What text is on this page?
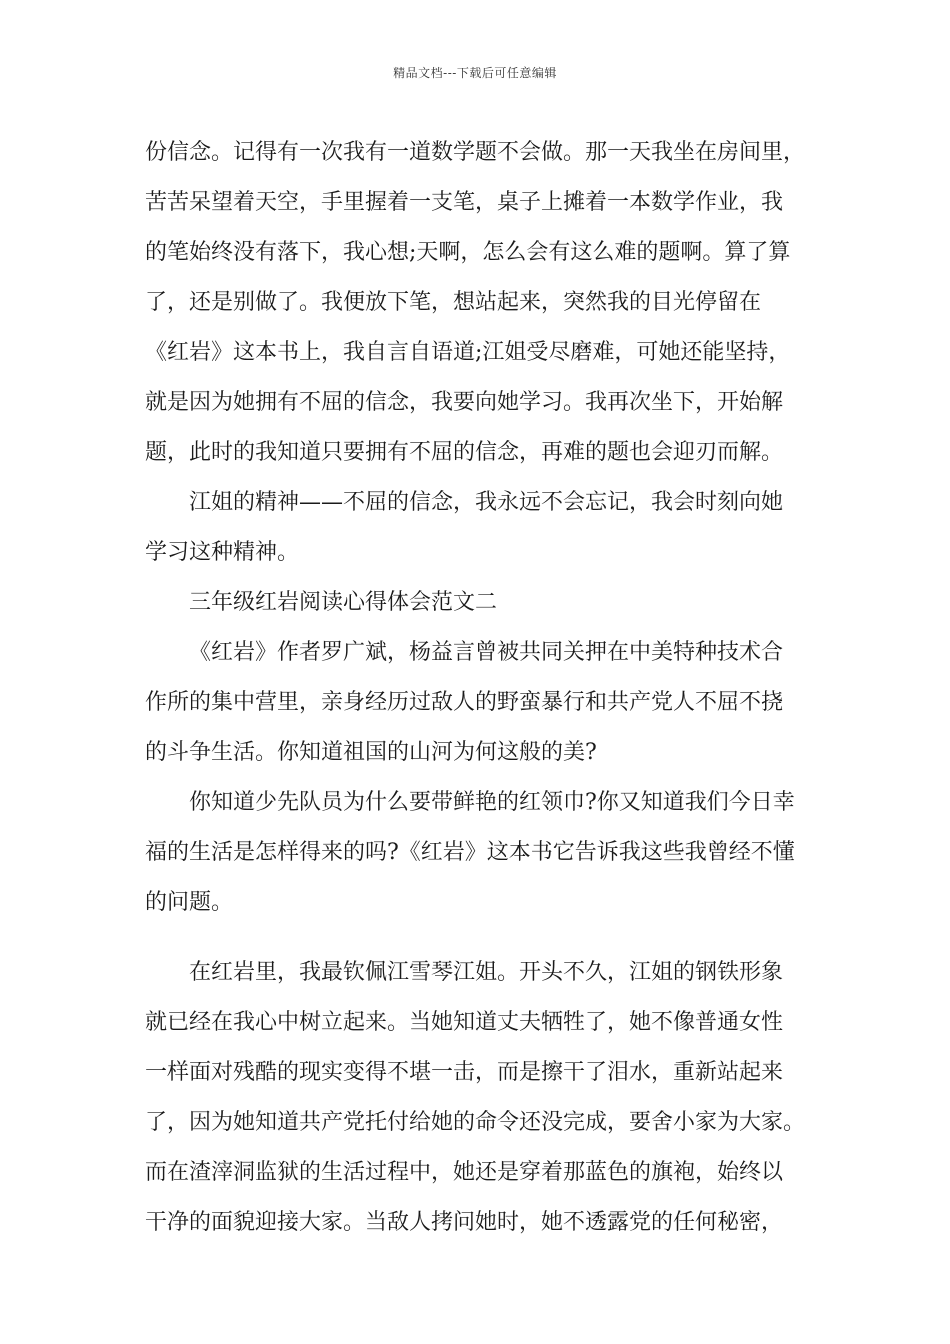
精品文档---下载后可任意编辑
份信念。记得有一次我有一道数学题不会做。那一天我坐在房间里，
苦苦呆望着天空，手里握着一支笔，桌子上摊着一本数学作业，我
的笔始终没有落下，我心想;天啊，怎么会有这么难的题啊。算了算
了，还是别做了。我便放下笔，想站起来，突然我的目光停留在
《红岩》这本书上，我自言自语道;江姐受尽磨难，可她还能坚持，
就是因为她拥有不屈的信念，我要向她学习。我再次坐下，开始解
题，此时的我知道只要拥有不屈的信念，再难的题也会迎刃而解。
江姐的精神——不屈的信念，我永远不会忘记，我会时刻向她
学习这种精神。
三年级红岩阅读心得体会范文二
《红岩》作者罗广斌，杨益言曾被共同关押在中美特种技术合
作所的集中营里，亲身经历过敌人的野蛮暴行和共产党人不屈不挠
的斗争生活。你知道祖国的山河为何这般的美?
你知道少先队员为什么要带鲜艳的红领巾?你又知道我们今日幸
福的生活是怎样得来的吗?《红岩》这本书它告诉我这些我曾经不懂
的问题。
在红岩里，我最钦佩江雪琴江姐。开头不久，江姐的钢铁形象
就已经在我心中树立起来。当她知道丈夫牺牲了，她不像普通女性
一样面对残酷的现实变得不堪一击，而是擦干了泪水，重新站起来
了，因为她知道共产党托付给她的命令还没完成，要舍小家为大家。
而在渣滓洞监狱的生活过程中，她还是穿着那蓝色的旗袍，始终以
干净的面貌迎接大家。当敌人拷问她时，她不透露党的任何秘密，
